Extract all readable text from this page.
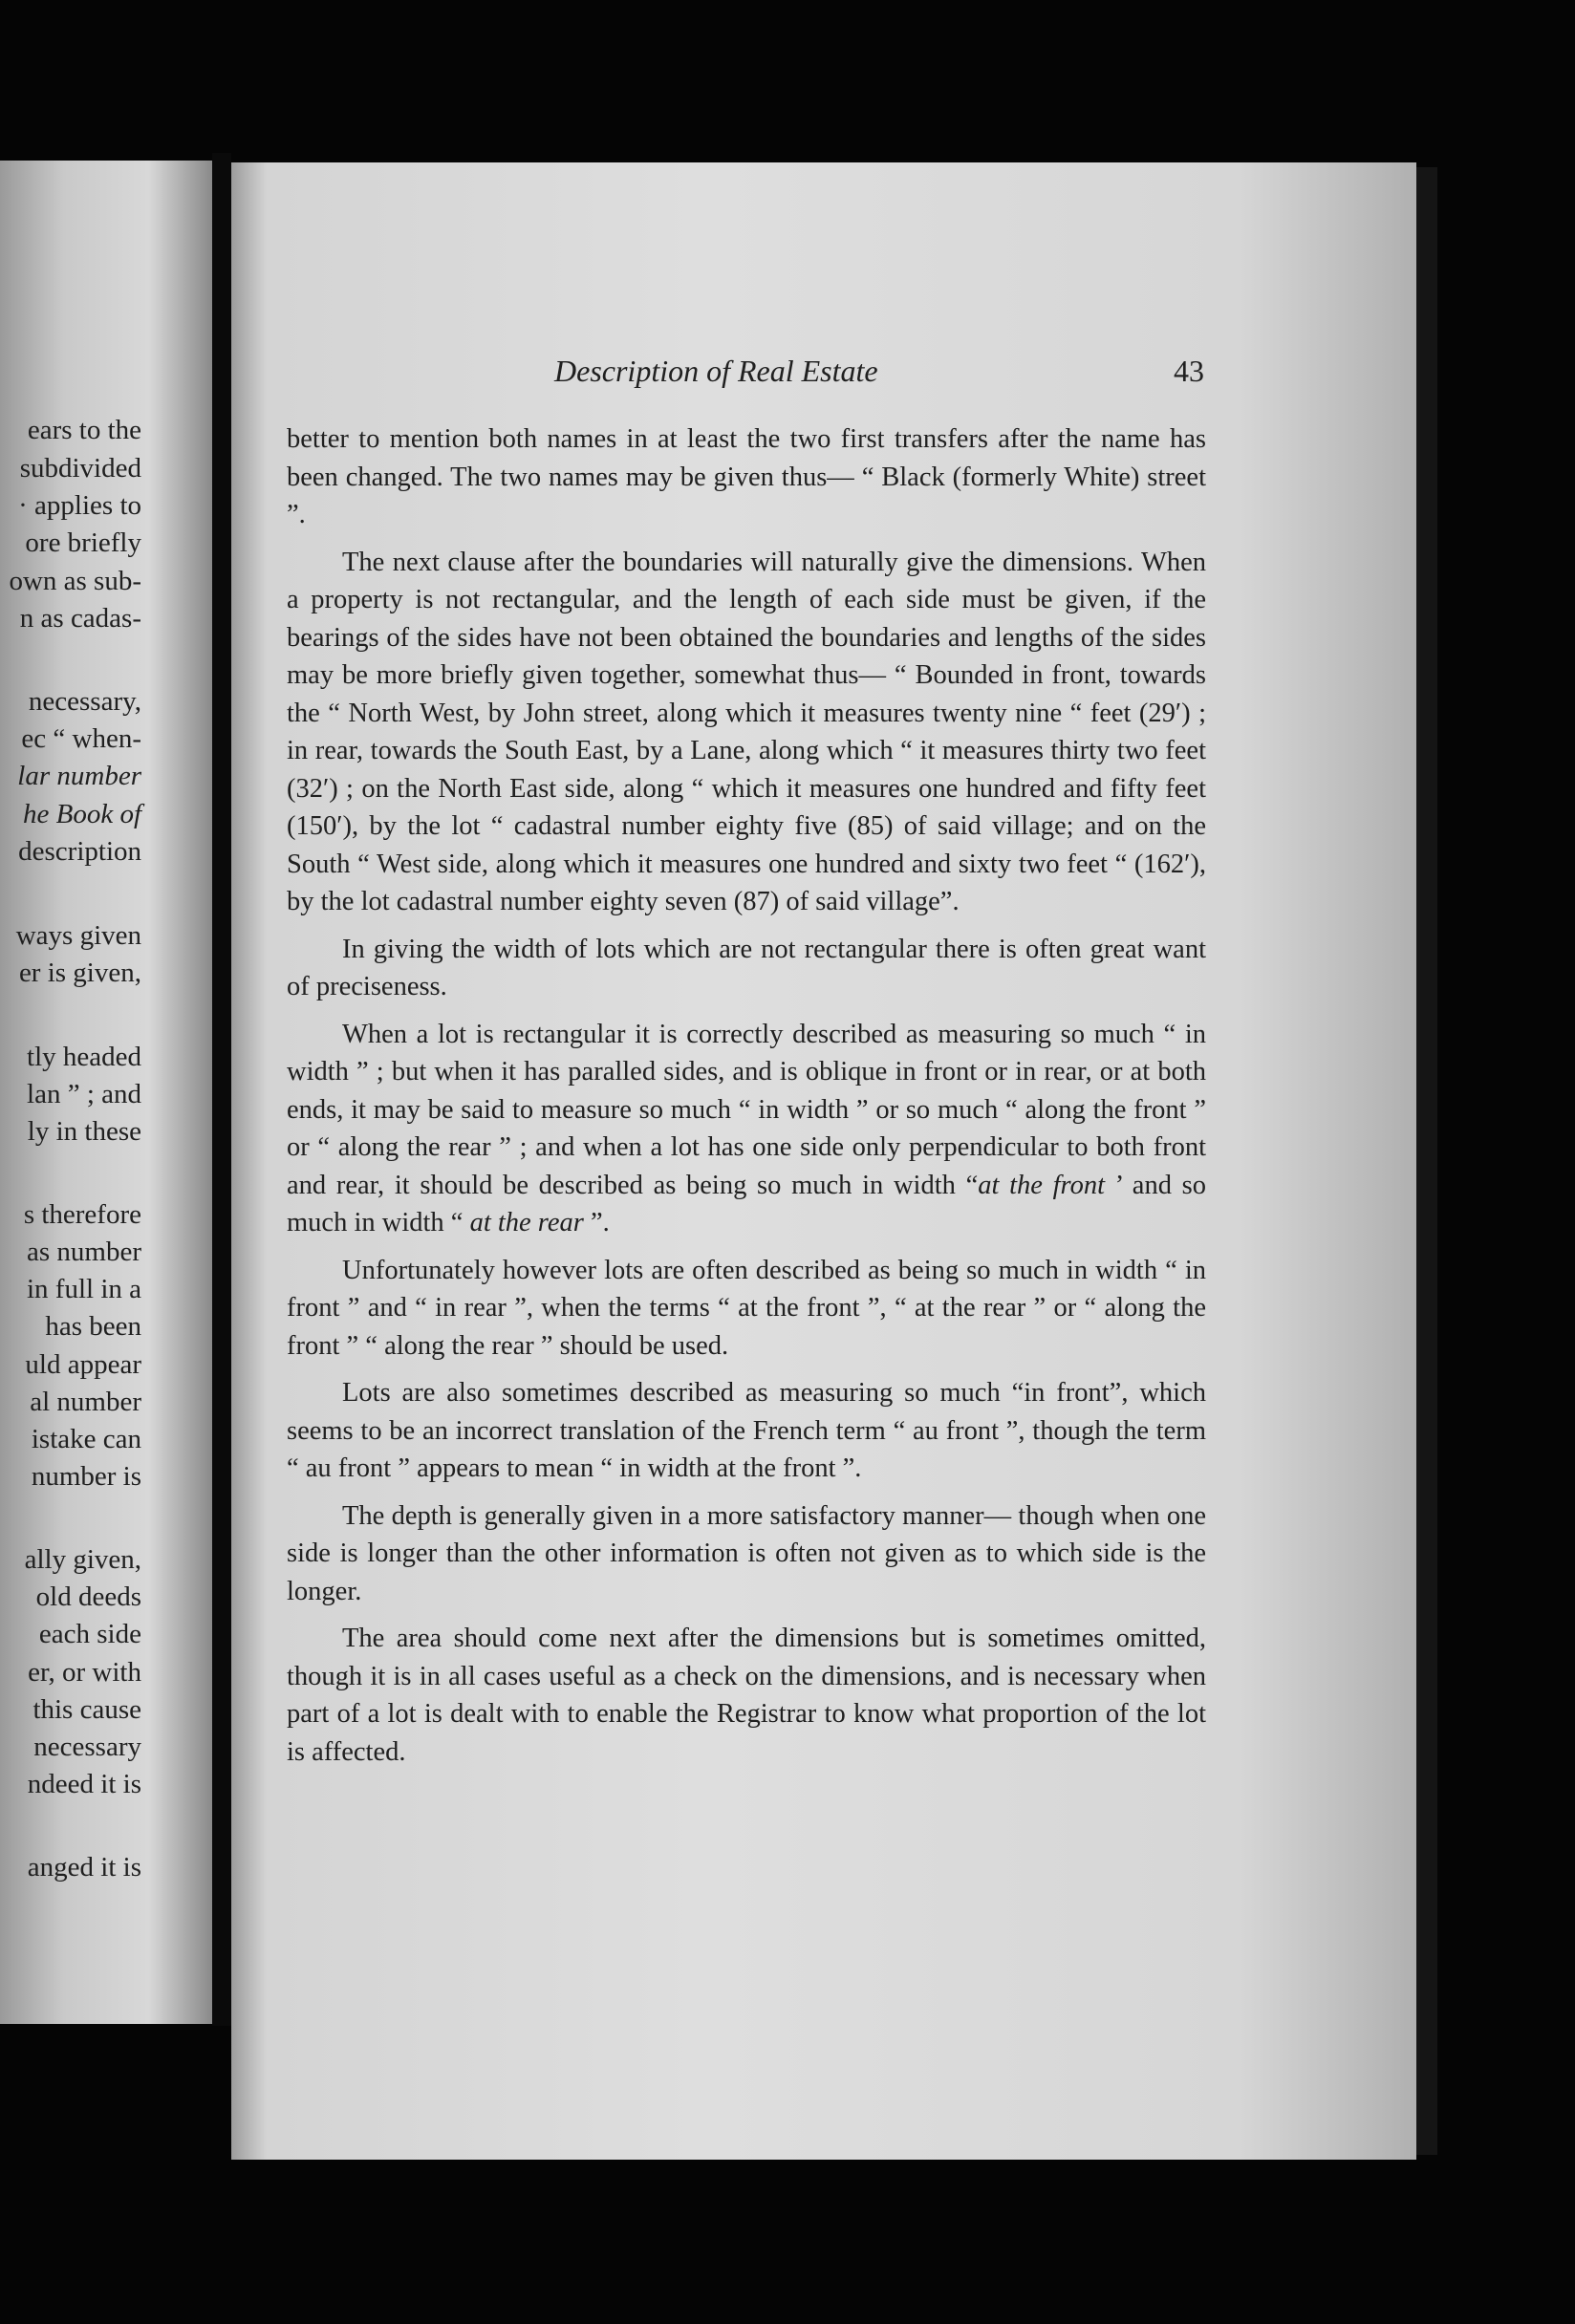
ears to the
subdivided
· applies to
ore briefly
own as sub-
n as cadas-
necessary,
ec “ when-
lar number
he Book of
description
ways given
er is given,
tly headed
lan ” ; and
ly in these
s therefore
as number
in full in a
has been
uld appear
al number
istake can
number is
ally given,
old deeds
each side
er, or with
this cause
necessary
ndeed it is
anged it is
Description of Real Estate	43

better to mention both names in at least the two first transfers after the name has been changed. The two names may be given thus— “ Black (formerly White) street ”.

The next clause after the boundaries will naturally give the dimensions. When a property is not rectangular, and the length of each side must be given, if the bearings of the sides have not been obtained the boundaries and lengths of the sides may be more briefly given together, somewhat thus— “ Bounded in front, towards the “ North West, by John street, along which it measures twenty nine “ feet (29′) ; in rear, towards the South East, by a Lane, along which “ it measures thirty two feet (32′) ; on the North East side, along “ which it measures one hundred and fifty feet (150′), by the lot “ cadastral number eighty five (85) of said village; and on the South “ West side, along which it measures one hundred and sixty two feet “ (162′), by the lot cadastral number eighty seven (87) of said village”.

In giving the width of lots which are not rectangular there is often great want of preciseness.

When a lot is rectangular it is correctly described as measuring so much “ in width ” ; but when it has paralled sides, and is oblique in front or in rear, or at both ends, it may be said to measure so much “ in width ” or so much “ along the front ” or “ along the rear ” ; and when a lot has one side only perpendicular to both front and rear, it should be described as being so much in width “at the front ’ and so much in width “ at the rear ”.

Unfortunately however lots are often described as being so much in width “ in front ” and “ in rear ”, when the terms “ at the front ”, “ at the rear ” or “ along the front ” “ along the rear ” should be used.

Lots are also sometimes described as measuring so much “in front”, which seems to be an incorrect translation of the French term “ au front ”, though the term “ au front ” appears to mean “ in width at the front ”.

The depth is generally given in a more satisfactory manner— though when one side is longer than the other information is often not given as to which side is the longer.

The area should come next after the dimensions but is sometimes omitted, though it is in all cases useful as a check on the dimensions, and is necessary when part of a lot is dealt with to enable the Registrar to know what proportion of the lot is affected.
